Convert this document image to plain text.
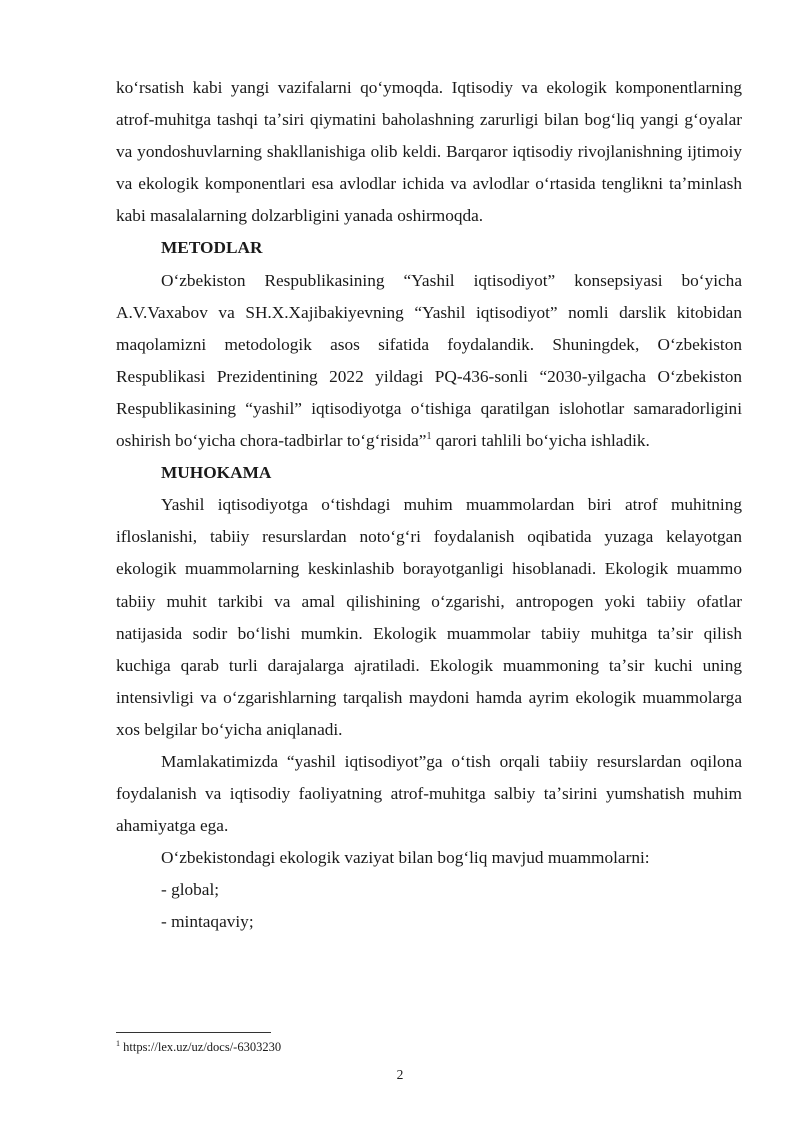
koʻrsatish kabi yangi vazifalarni qoʻymoqda. Iqtisodiy va ekologik komponentlarning atrof-muhitga tashqi taʼsiri qiymatini baholashning zarurligi bilan bogʻliq yangi gʻoyalar va yondoshuvlarning shakllanishiga olib keldi. Barqaror iqtisodiy rivojlanishning ijtimoiy va ekologik komponentlari esa avlodlar ichida va avlodlar oʻrtasida tenglikni taʼminlash kabi masalalarning dolzarbligini yanada oshirmoqda.

METODLAR

Oʻzbekiston Respublikasining “Yashil iqtisodiyot” konsepsiyasi boʻyicha A.V.Vaxabov va SH.X.Xajibakiyevning “Yashil iqtisodiyot” nomli darslik kitobidan maqolamizni metodologik asos sifatida foydalandik. Shuningdek, Oʻzbekiston Respublikasi Prezidentining 2022 yildagi PQ-436-sonli “2030-yilgacha Oʻzbekiston Respublikasining “yashil” iqtisodiyotga oʻtishiga qaratilgan islohotlar samaradorligini oshirish boʻyicha chora-tadbirlar toʻgʻrisida”$^1$ qarori tahlili boʻyicha ishladik.

MUHOKAMA

Yashil iqtisodiyotga oʻtishdagi muhim muammolardan biri atrof muhitning ifloslanishi, tabiiy resurslardan notoʻgʻri foydalanish oqibatida yuzaga kelayotgan ekologik muammolarning keskinlashib borayotganligi hisoblanadi. Ekologik muammo tabiiy muhit tarkibi va amal qilishining oʻzgarishi, antropogen yoki tabiiy ofatlar natijasida sodir boʻlishi mumkin. Ekologik muammolar tabiiy muhitga taʼsir qilish kuchiga qarab turli darajalarga ajratiladi. Ekologik muammoning taʼsir kuchi uning intensivligi va oʻzgarishlarning tarqalish maydoni hamda ayrim ekologik muammolarga xos belgilar boʻyicha aniqlanadi.

Mamlakatimizda “yashil iqtisodiyot”ga oʻtish orqali tabiiy resurslardan oqilona foydalanish va iqtisodiy faoliyatning atrof-muhitga salbiy taʼsirini yumshatish muhim ahamiyatga ega.

Oʻzbekistondagi ekologik vaziyat bilan bogʻliq mavjud muammolarni:

- global;
- mintaqaviy;
$^1$ https://lex.uz/uz/docs/-6303230
2
